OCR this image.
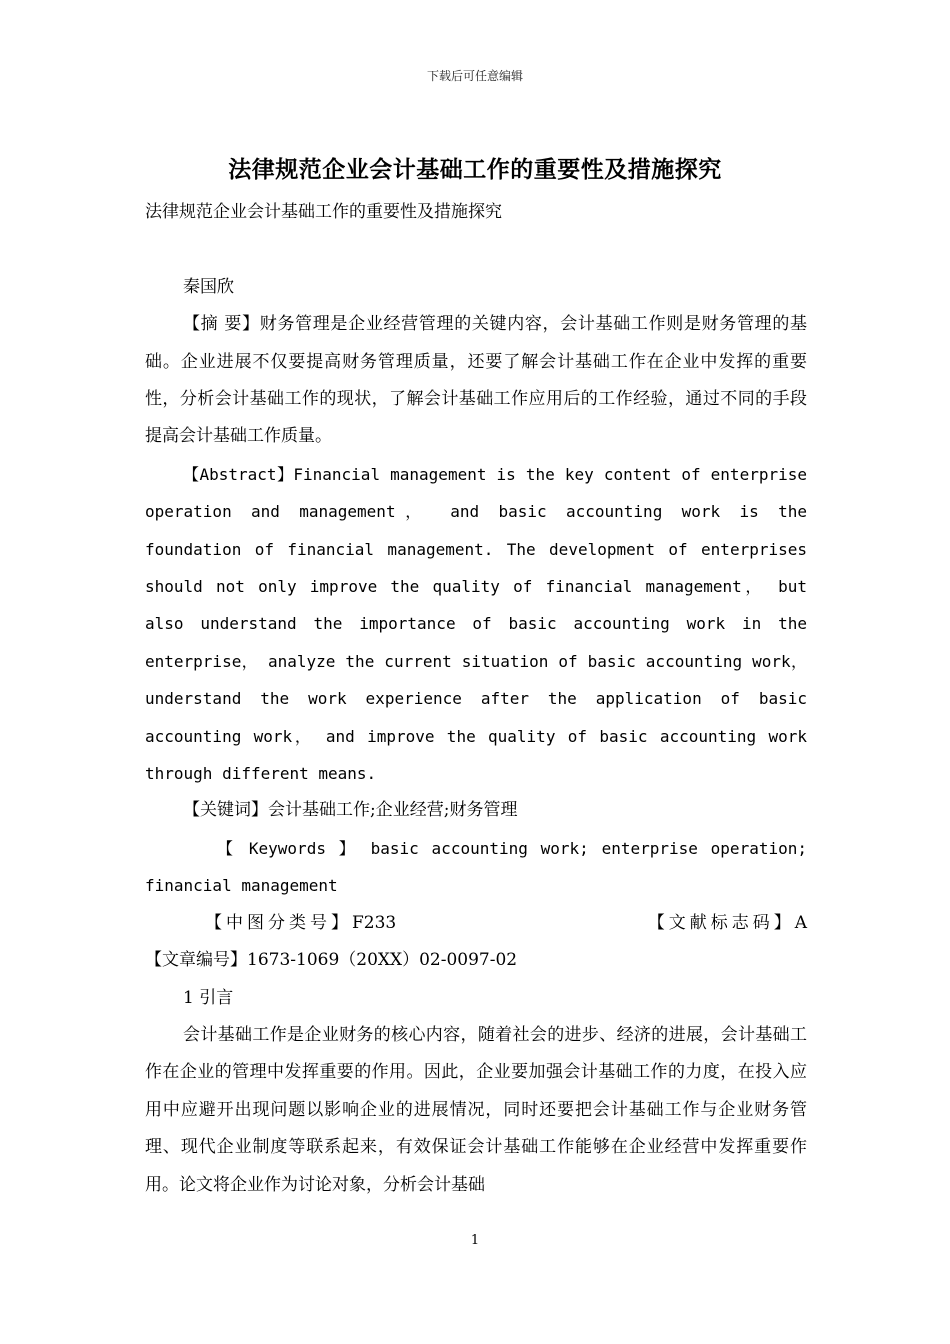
下载后可任意编辑
法律规范企业会计基础工作的重要性及措施探究

法律规范企业会计基础工作的重要性及措施探究

秦国欣

【摘 要】财务管理是企业经营管理的关键内容，会计基础工作则是财务管理的基础。企业进展不仅要提高财务管理质量，还要了解会计基础工作在企业中发挥的重要性，分析会计基础工作的现状，了解会计基础工作应用后的工作经验，通过不同的手段提高会计基础工作质量。

【Abstract】Financial management is the key content of enterprise operation and management， and basic accounting work is the foundation of financial management. The development of enterprises should not only improve the quality of financial management， but also understand the importance of basic accounting work in the enterprise， analyze the current situation of basic accounting work， understand the work experience after the application of basic accounting work， and improve the quality of basic accounting work through different means.

【关键词】会计基础工作;企业经营;财务管理

【 Keywords 】 basic accounting work; enterprise operation; financial management

【中图分类号】F233	【文献标志码】A

【文章编号】1673-1069（20XX）02-0097-02

1 引言

会计基础工作是企业财务的核心内容，随着社会的进步、经济的进展，会计基础工作在企业的管理中发挥重要的作用。因此，企业要加强会计基础工作的力度，在投入应用中应避开出现问题以影响企业的进展情况，同时还要把会计基础工作与企业财务管理、现代企业制度等联系起来，有效保证会计基础工作能够在企业经营中发挥重要作用。论文将企业作为讨论对象，分析会计基础

1
